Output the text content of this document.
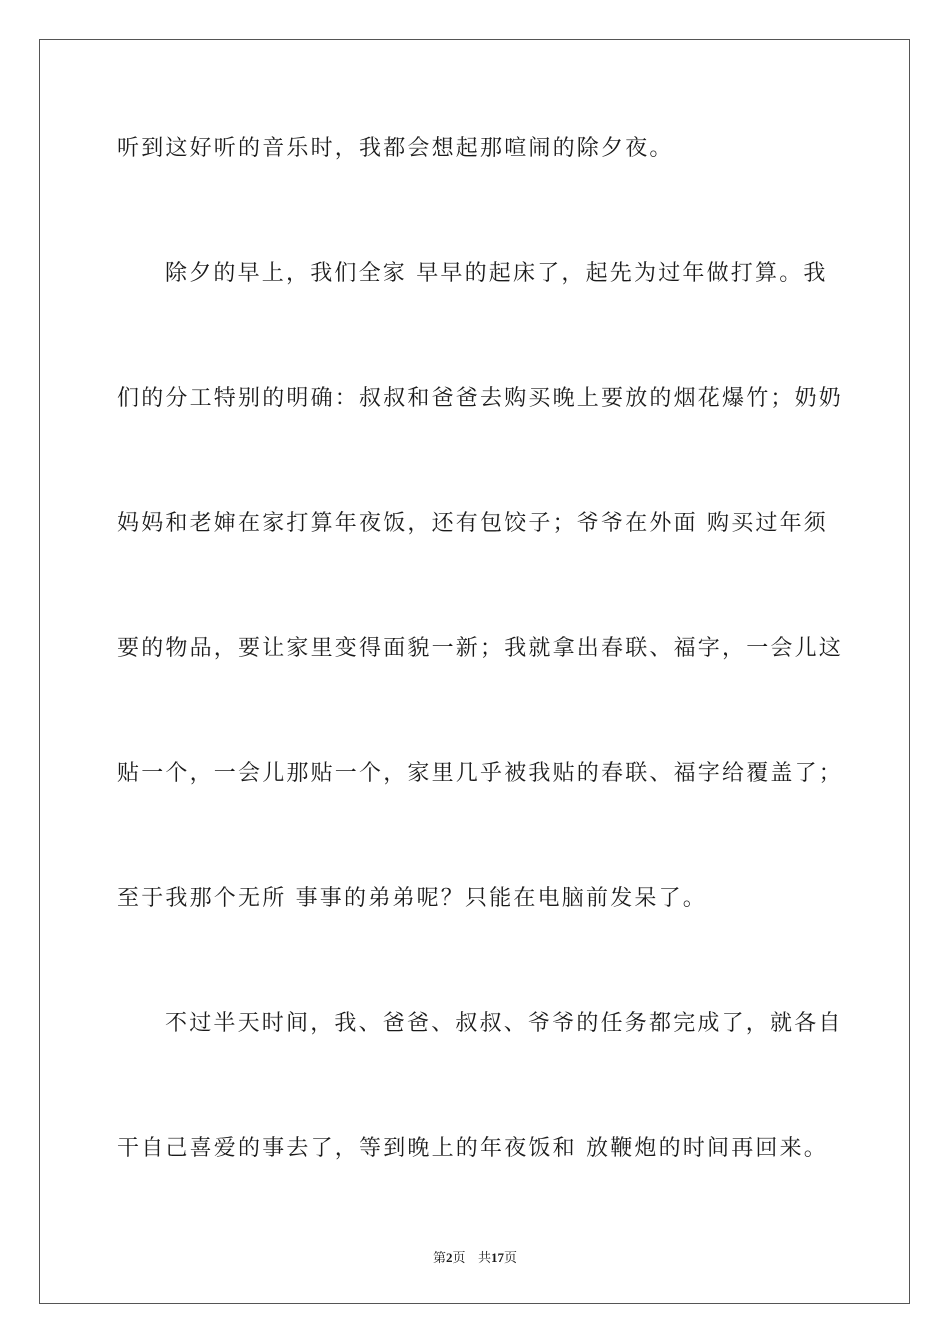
听到这好听的音乐时，我都会想起那喧闹的除夕夜。
除夕的早上，我们全家 早早的起床了，起先为过年做打算。我
们的分工特别的明确：叔叔和爸爸去购买晚上要放的烟花爆竹；奶奶
妈妈和老婶在家打算年夜饭，还有包饺子；爷爷在外面 购买过年须
要的物品，要让家里变得面貌一新；我就拿出春联、福字，一会儿这
贴一个，一会儿那贴一个，家里几乎被我贴的春联、福字给覆盖了；
至于我那个无所 事事的弟弟呢？只能在电脑前发呆了。
不过半天时间，我、爸爸、叔叔、爷爷的任务都完成了，就各自
干自己喜爱的事去了，等到晚上的年夜饭和 放鞭炮的时间再回来。
第2页 共17页
